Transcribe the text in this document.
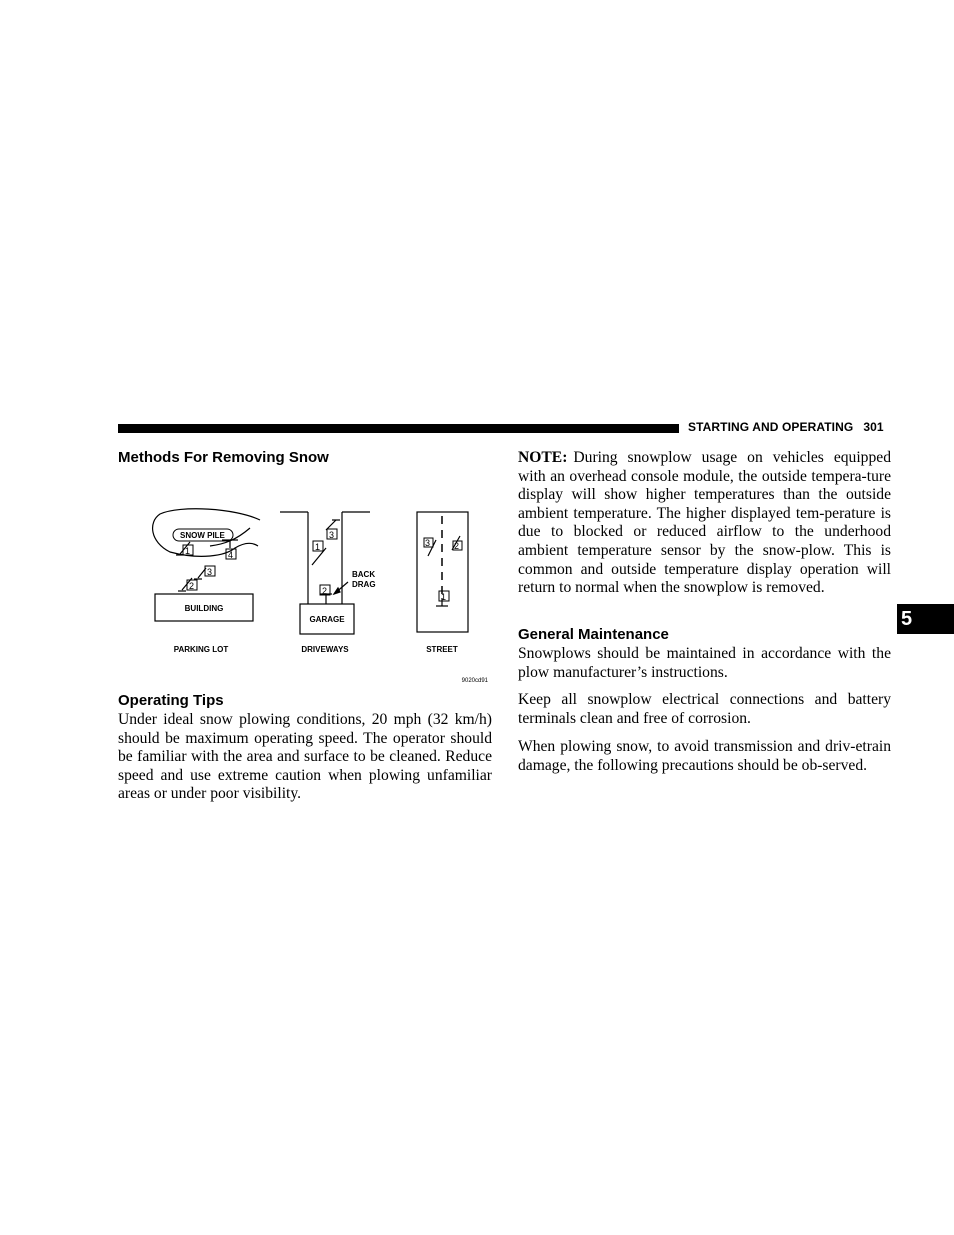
STARTING AND OPERATING 301
5
Methods For Removing Snow
SNOW PILE
1	4
3
2
BUILDING
PARKING LOT
1
3
2
BACK
DRAG
GARAGE
DRIVEWAYS
3	2
1
STREET
9020cd91
Operating Tips
Under ideal snow plowing conditions, 20 mph (32 km/h) should be maximum operating speed. The operator should be familiar with the area and surface to be cleaned. Reduce speed and use extreme caution when plowing unfamiliar areas or under poor visibility.
NOTE: During snowplow usage on vehicles equipped with an overhead console module, the outside tempera-ture display will show higher temperatures than the outside ambient temperature. The higher displayed tem-perature is due to blocked or reduced airflow to the underhood ambient temperature sensor by the snow-plow. This is common and outside temperature display operation will return to normal when the snowplow is removed.
General Maintenance
Snowplows should be maintained in accordance with the plow manufacturer’s instructions.
Keep all snowplow electrical connections and battery terminals clean and free of corrosion.
When plowing snow, to avoid transmission and driv-etrain damage, the following precautions should be ob-served.
